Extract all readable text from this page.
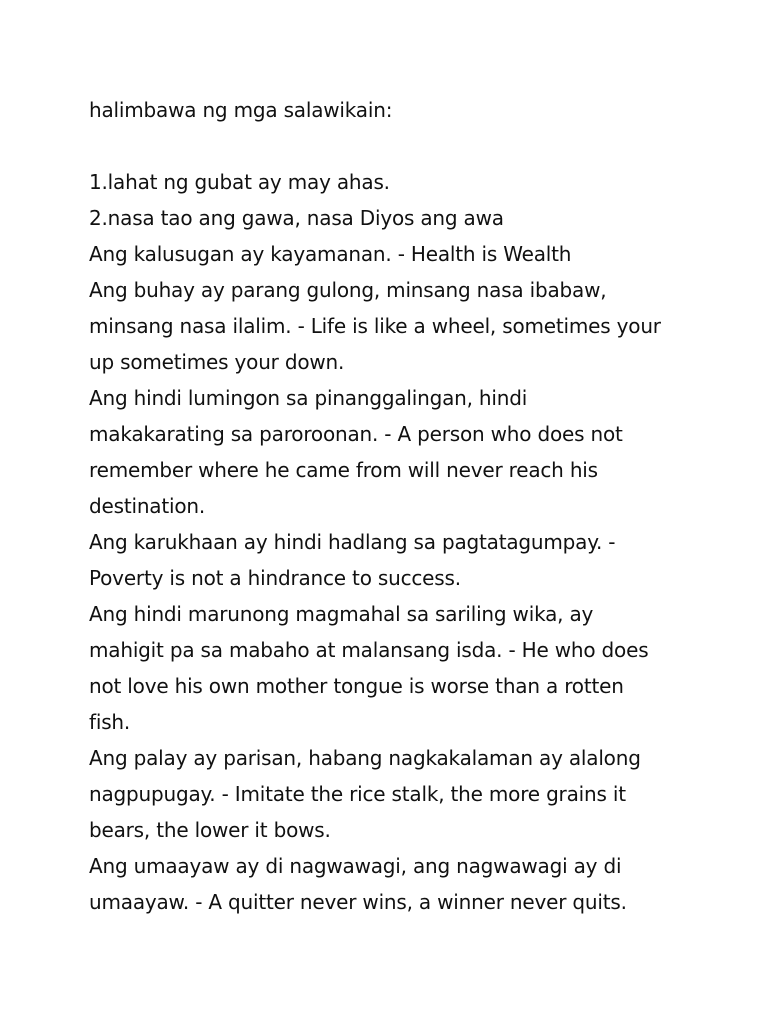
halimbawa ng mga salawikain:
1.lahat ng gubat ay may ahas.
2.nasa tao ang gawa, nasa Diyos ang awa
Ang kalusugan ay kayamanan. - Health is Wealth
Ang buhay ay parang gulong, minsang nasa ibabaw,
minsang nasa ilalim. - Life is like a wheel, sometimes your
up sometimes your down.
Ang hindi lumingon sa pinanggalingan, hindi
makakarating sa paroroonan. - A person who does not
remember where he came from will never reach his
destination.
Ang karukhaan ay hindi hadlang sa pagtatagumpay. -
Poverty is not a hindrance to success.
Ang hindi marunong magmahal sa sariling wika, ay
mahigit pa sa mabaho at malansang isda. - He who does
not love his own mother tongue is worse than a rotten
fish.
Ang palay ay parisan, habang nagkakalaman ay alalong
nagpupugay. - Imitate the rice stalk, the more grains it
bears, the lower it bows.
Ang umaayaw ay di nagwawagi, ang nagwawagi ay di
umaayaw. - A quitter never wins, a winner never quits.
